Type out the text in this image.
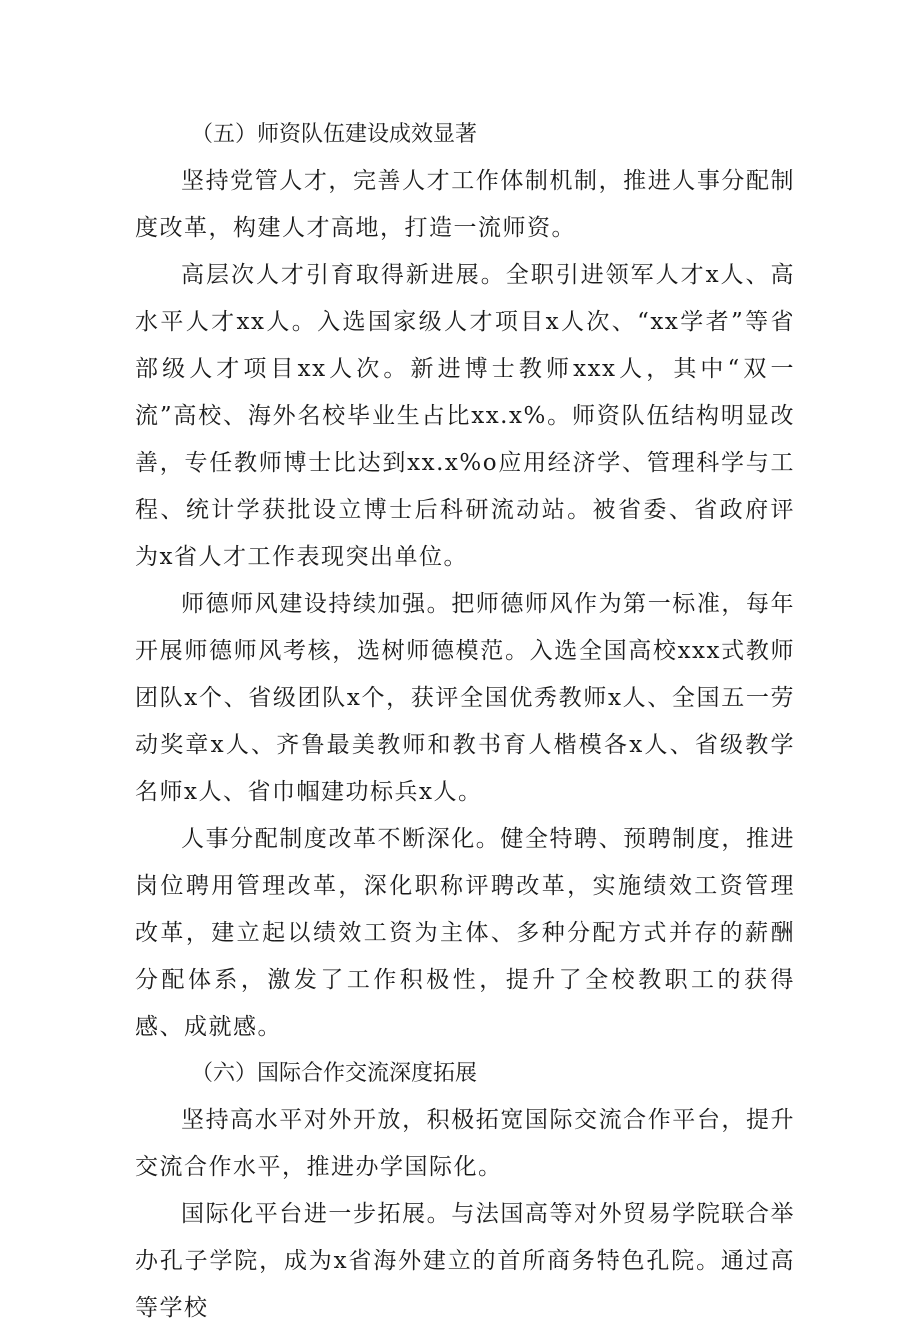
（五）师资队伍建设成效显著

坚持党管人才，完善人才工作体制机制，推进人事分配制度改革，构建人才高地，打造一流师资。

高层次人才引育取得新进展。全职引进领军人才x人、高水平人才xx人。入选国家级人才项目x人次、“xx学者”等省部级人才项目xx人次。新进博士教师xxx人，其中“双一流”高校、海外名校毕业生占比xx.x%。师资队伍结构明显改善，专任教师博士比达到xx.x%o应用经济学、管理科学与工程、统计学获批设立博士后科研流动站。被省委、省政府评为x省人才工作表现突出单位。

师德师风建设持续加强。把师德师风作为第一标准，每年开展师德师风考核，选树师德模范。入选全国高校xxx式教师团队x个、省级团队x个，获评全国优秀教师x人、全国五一劳动奖章x人、齐鲁最美教师和教书育人楷模各x人、省级教学名师x人、省巾帼建功标兵x人。

人事分配制度改革不断深化。健全特聘、预聘制度，推进岗位聘用管理改革，深化职称评聘改革，实施绩效工资管理改革，建立起以绩效工资为主体、多种分配方式并存的薪酬分配体系，激发了工作积极性，提升了全校教职工的获得感、成就感。

（六）国际合作交流深度拓展

坚持高水平对外开放，积极拓宽国际交流合作平台，提升交流合作水平，推进办学国际化。

国际化平台进一步拓展。与法国高等对外贸易学院联合举办孔子学院，成为x省海外建立的首所商务特色孔院。通过高等学校
